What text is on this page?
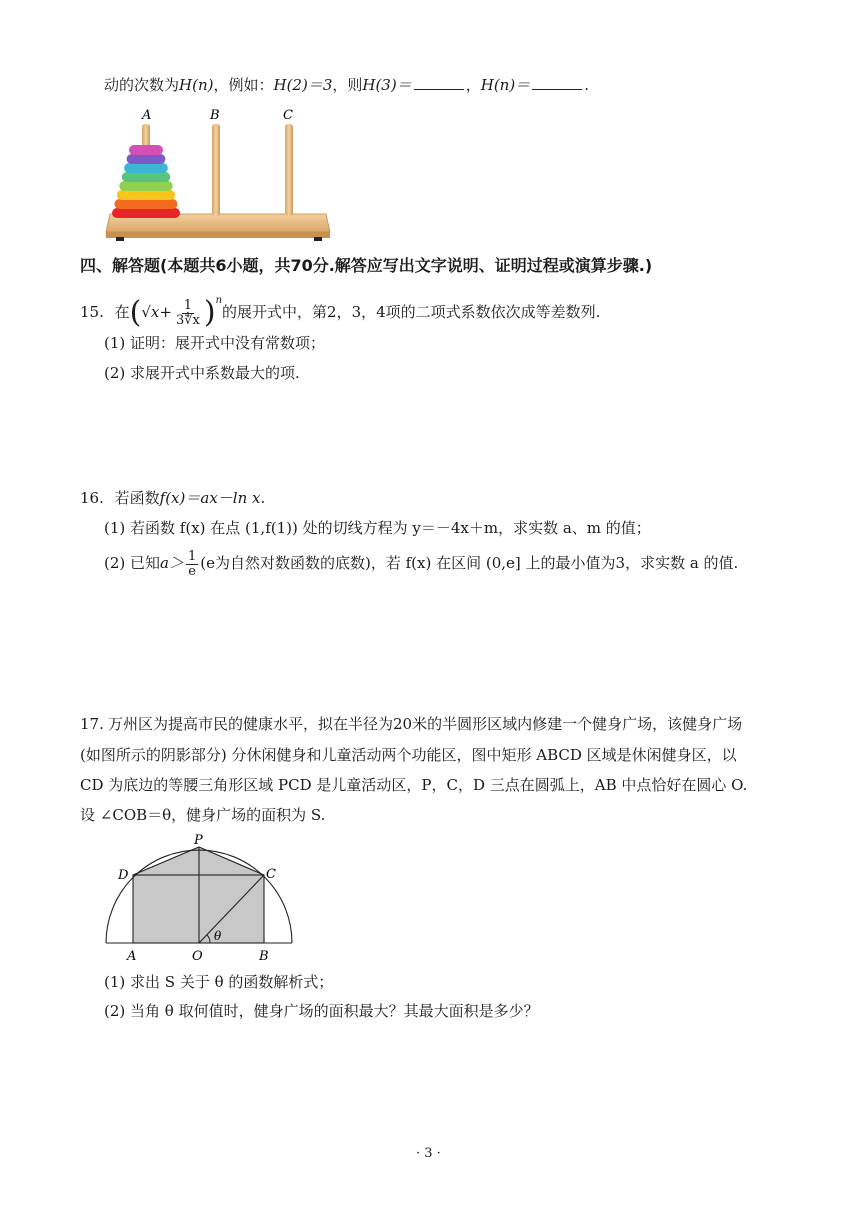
动的次数为H(n)，例如：H(2)＝3，则H(3)＝	，H(n)＝	.
A	B	C
四、解答题(本题共6小题，共70分.解答应写出文字说明、证明过程或演算步骤.)
15. 在$(√x+ \frac{1}{3∜x} )^n$的展开式中，第2，3，4项的二项式系数依次成等差数列.
(1) 证明：展开式中没有常数项；
(2) 求展开式中系数最大的项.
16. 若函数f(x)＝ax－ln x.
(1) 若函数 f(x) 在点 (1,f(1)) 处的切线方程为 y＝－4x＋m，求实数 a、m 的值；
(2) 已知$a> \frac{1}{e} (e$为自然对数函数的底数)，若 f(x) 在区间 (0,e] 上的最小值为3，求实数 a 的值.
17. 万州区为提高市民的健康水平，拟在半径为20米的半圆形区域内修建一个健身广场，该健身广场
(如图所示的阴影部分) 分休闲健身和儿童活动两个功能区，图中矩形 ABCD 区域是休闲健身区，以
CD 为底边的等腰三角形区域 PCD 是儿童活动区，P，C，D 三点在圆弧上，AB 中点恰好在圆心 O.
设 ∠COB＝θ，健身广场的面积为 S.
P
D	C
A	O	B
θ
(1) 求出 S 关于 θ 的函数解析式；
(2) 当角 θ 取何值时，健身广场的面积最大？其最大面积是多少？
· 3 ·
